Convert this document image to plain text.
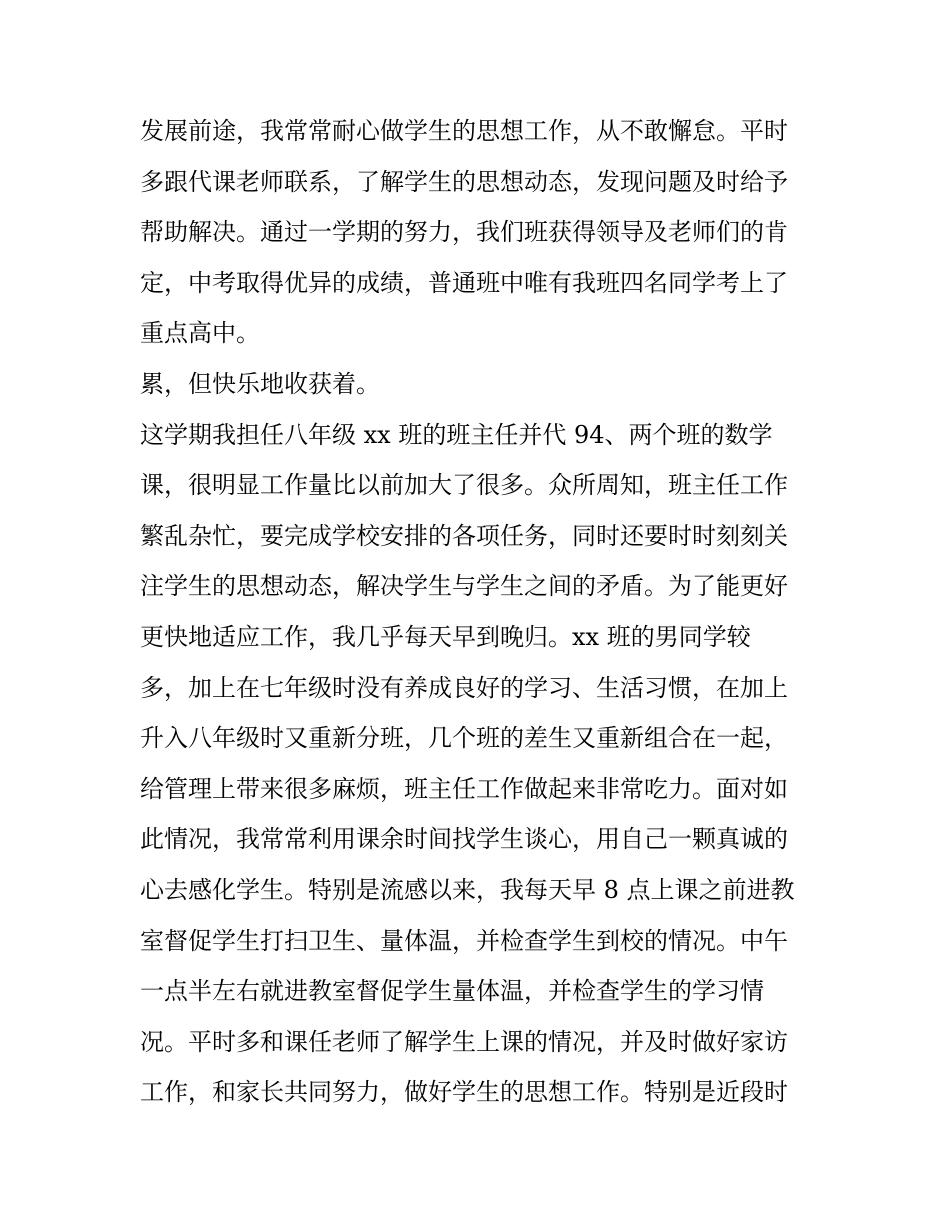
发展前途，我常常耐心做学生的思想工作，从不敢懈怠。平时
多跟代课老师联系，了解学生的思想动态，发现问题及时给予
帮助解决。通过一学期的努力，我们班获得领导及老师们的肯
定，中考取得优异的成绩，普通班中唯有我班四名同学考上了
重点高中。
累，但快乐地收获着。
这学期我担任八年级 xx 班的班主任并代 94、两个班的数学
课，很明显工作量比以前加大了很多。众所周知，班主任工作
繁乱杂忙，要完成学校安排的各项任务，同时还要时时刻刻关
注学生的思想动态，解决学生与学生之间的矛盾。为了能更好
更快地适应工作，我几乎每天早到晚归。xx 班的男同学较
多，加上在七年级时没有养成良好的学习、生活习惯，在加上
升入八年级时又重新分班，几个班的差生又重新组合在一起，
给管理上带来很多麻烦，班主任工作做起来非常吃力。面对如
此情况，我常常利用课余时间找学生谈心，用自己一颗真诚的
心去感化学生。特别是流感以来，我每天早 8 点上课之前进教
室督促学生打扫卫生、量体温，并检查学生到校的情况。中午
一点半左右就进教室督促学生量体温，并检查学生的学习情
况。平时多和课任老师了解学生上课的情况，并及时做好家访
工作，和家长共同努力，做好学生的思想工作。特别是近段时
